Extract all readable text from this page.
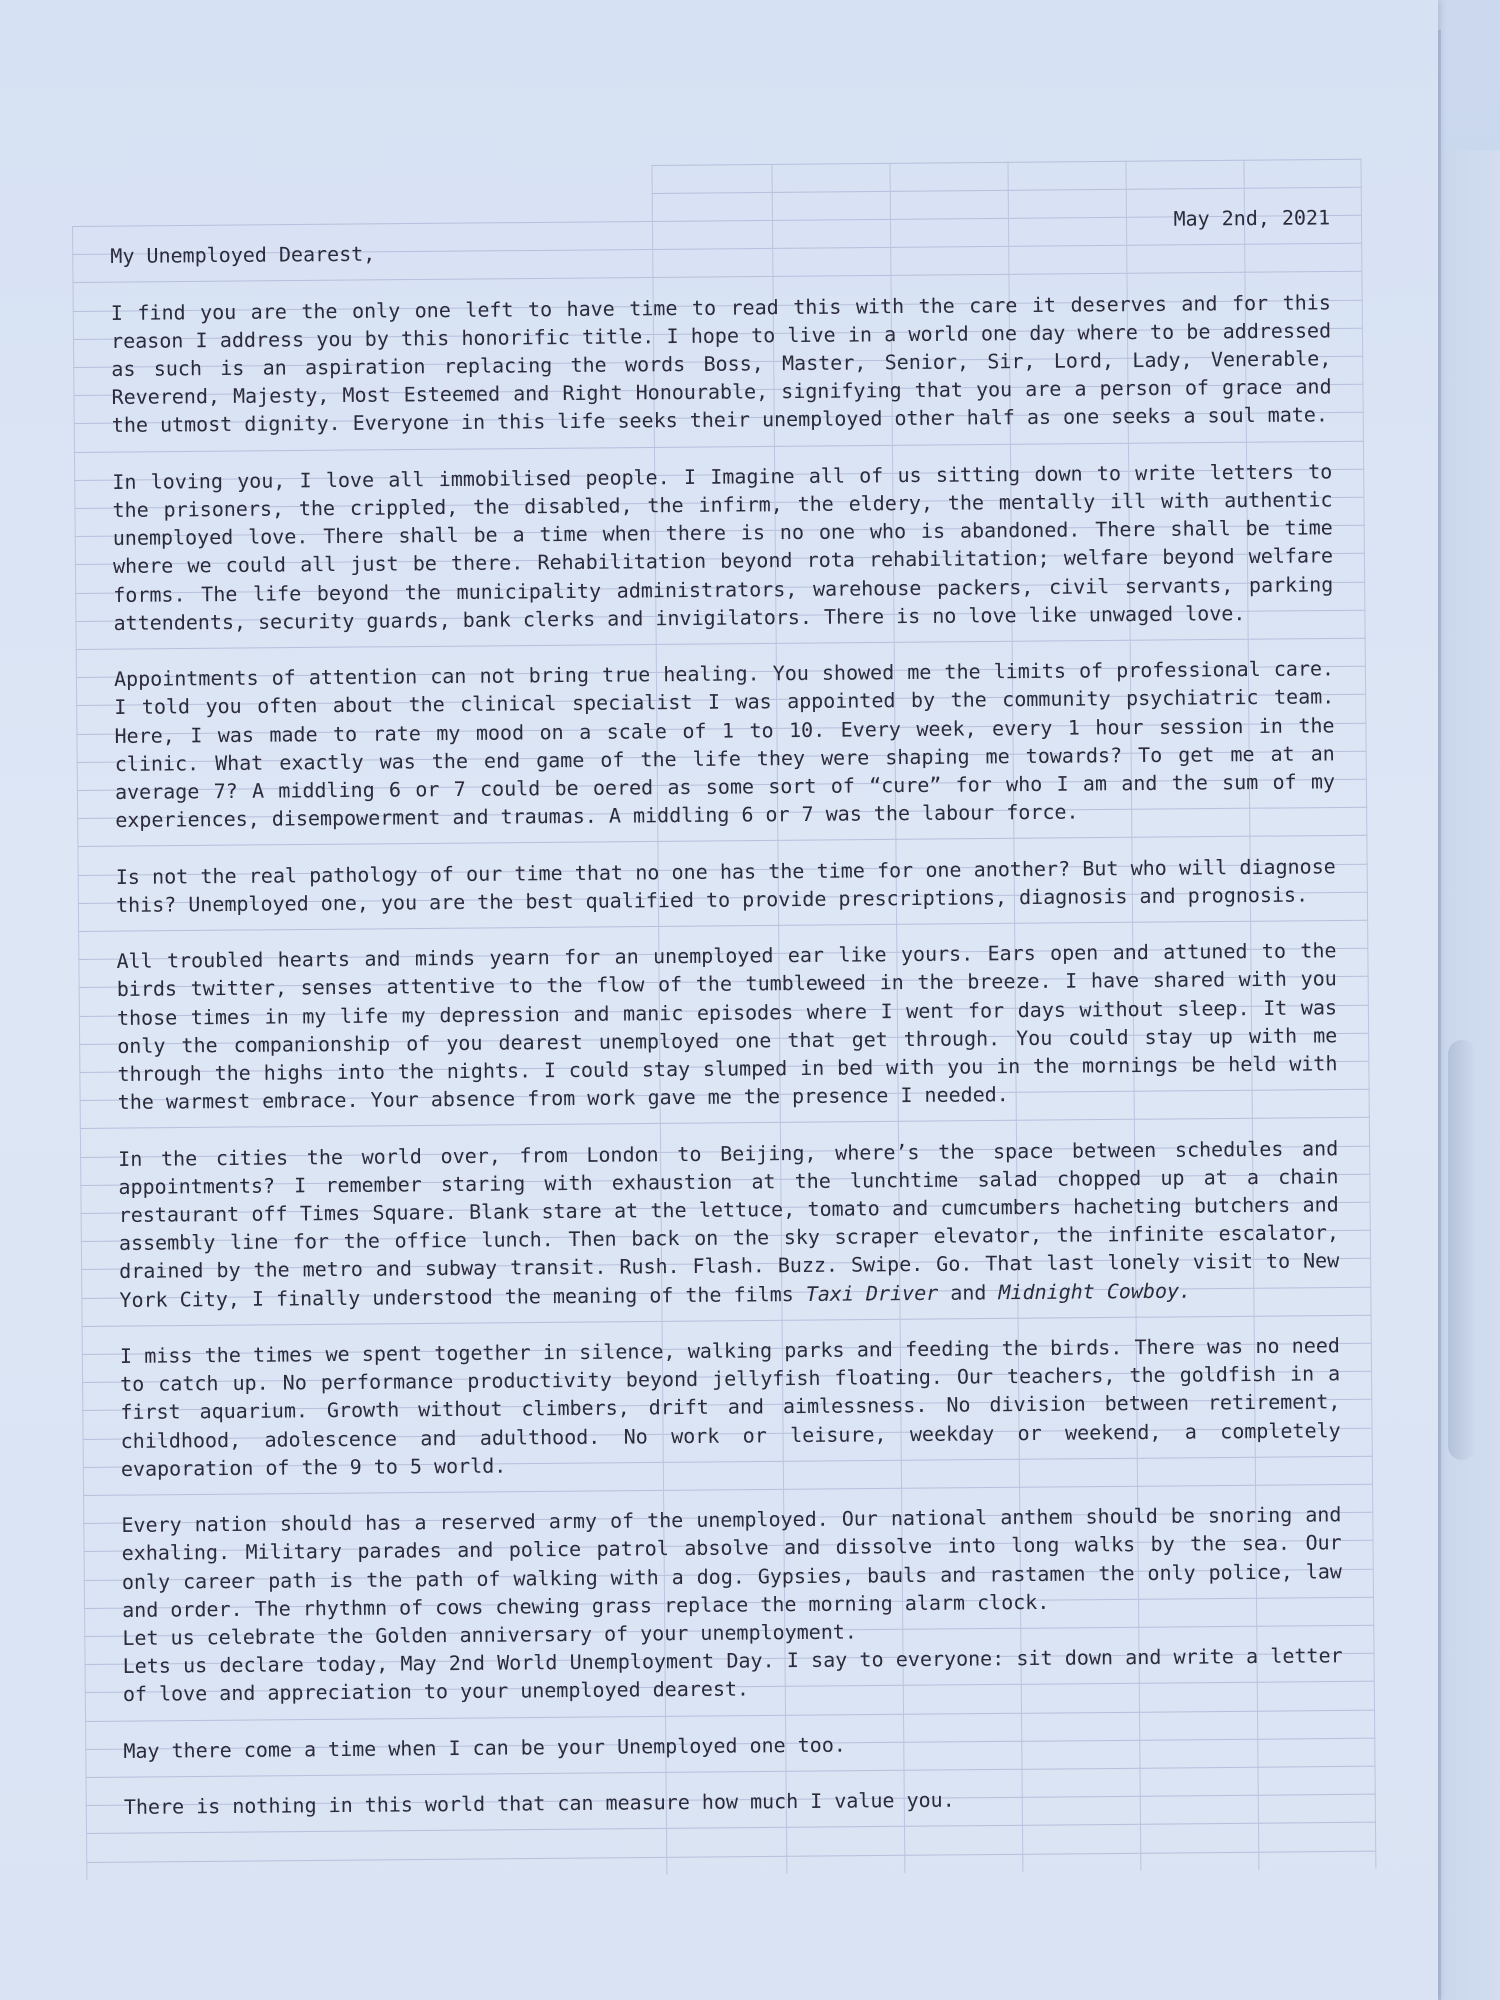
May 2nd, 2021
My Unemployed Dearest,

I find you are the only one left to have time to read this with the care it deserves and for this reason I address you by this honorific title. I hope to live in a world one day where to be addressed as such is an aspiration replacing the words Boss, Master, Senior, Sir, Lord, Lady, Venerable, Reverend, Majesty, Most Esteemed and Right Honourable, signifying that you are a person of grace and the utmost dignity. Everyone in this life seeks their unemployed other half as one seeks a soul mate.

In loving you, I love all immobilised people. I Imagine all of us sitting down to write letters to the prisoners, the crippled, the disabled, the infirm, the eldery, the mentally ill with authentic unemployed love. There shall be a time when there is no one who is abandoned. There shall be time where we could all just be there. Rehabilitation beyond rota rehabilitation; welfare beyond welfare forms. The life beyond the municipality administrators, warehouse packers, civil servants, parking attendents, security guards, bank clerks and invigilators. There is no love like unwaged love.

Appointments of attention can not bring true healing. You showed me the limits of professional care. I told you often about the clinical specialist I was appointed by the community psychiatric team. Here, I was made to rate my mood on a scale of 1 to 10. Every week, every 1 hour session in the clinic. What exactly was the end game of the life they were shaping me towards? To get me at an average 7? A middling 6 or 7 could be oered as some sort of “cure” for who I am and the sum of my experiences, disempowerment and traumas. A middling 6 or 7 was the labour force.

Is not the real pathology of our time that no one has the time for one another? But who will diagnose this? Unemployed one, you are the best qualified to provide prescriptions, diagnosis and prognosis.

All troubled hearts and minds yearn for an unemployed ear like yours. Ears open and attuned to the birds twitter, senses attentive to the flow of the tumbleweed in the breeze. I have shared with you those times in my life my depression and manic episodes where I went for days without sleep. It was only the companionship of you dearest unemployed one that get through. You could stay up with me through the highs into the nights. I could stay slumped in bed with you in the mornings be held with the warmest embrace. Your absence from work gave me the presence I needed.

In the cities the world over, from London to Beijing, where’s the space between schedules and appointments? I remember staring with exhaustion at the lunchtime salad chopped up at a chain restaurant off Times Square. Blank stare at the lettuce, tomato and cumcumbers hacheting butchers and assembly line for the office lunch. Then back on the sky scraper elevator, the infinite escalator, drained by the metro and subway transit. Rush. Flash. Buzz. Swipe. Go. That last lonely visit to New York City, I finally understood the meaning of the films Taxi Driver and Midnight Cowboy.

I miss the times we spent together in silence, walking parks and feeding the birds. There was no need to catch up. No performance productivity beyond jellyfish floating. Our teachers, the goldfish in a first aquarium. Growth without climbers, drift and aimlessness. No division between retirement, childhood, adolescence and adulthood. No work or leisure, weekday or weekend, a completely evaporation of the 9 to 5 world.

Every nation should has a reserved army of the unemployed. Our national anthem should be snoring and exhaling. Military parades and police patrol absolve and dissolve into long walks by the sea. Our only career path is the path of walking with a dog. Gypsies, bauls and rastamen the only police, law and order. The rhythmn of cows chewing grass replace the morning alarm clock.

Let us celebrate the Golden anniversary of your unemployment.

Lets us declare today, May 2nd World Unemployment Day. I say to everyone: sit down and write a letter of love and appreciation to your unemployed dearest.

May there come a time when I can be your Unemployed one too.

There is nothing in this world that can measure how much I value you.
